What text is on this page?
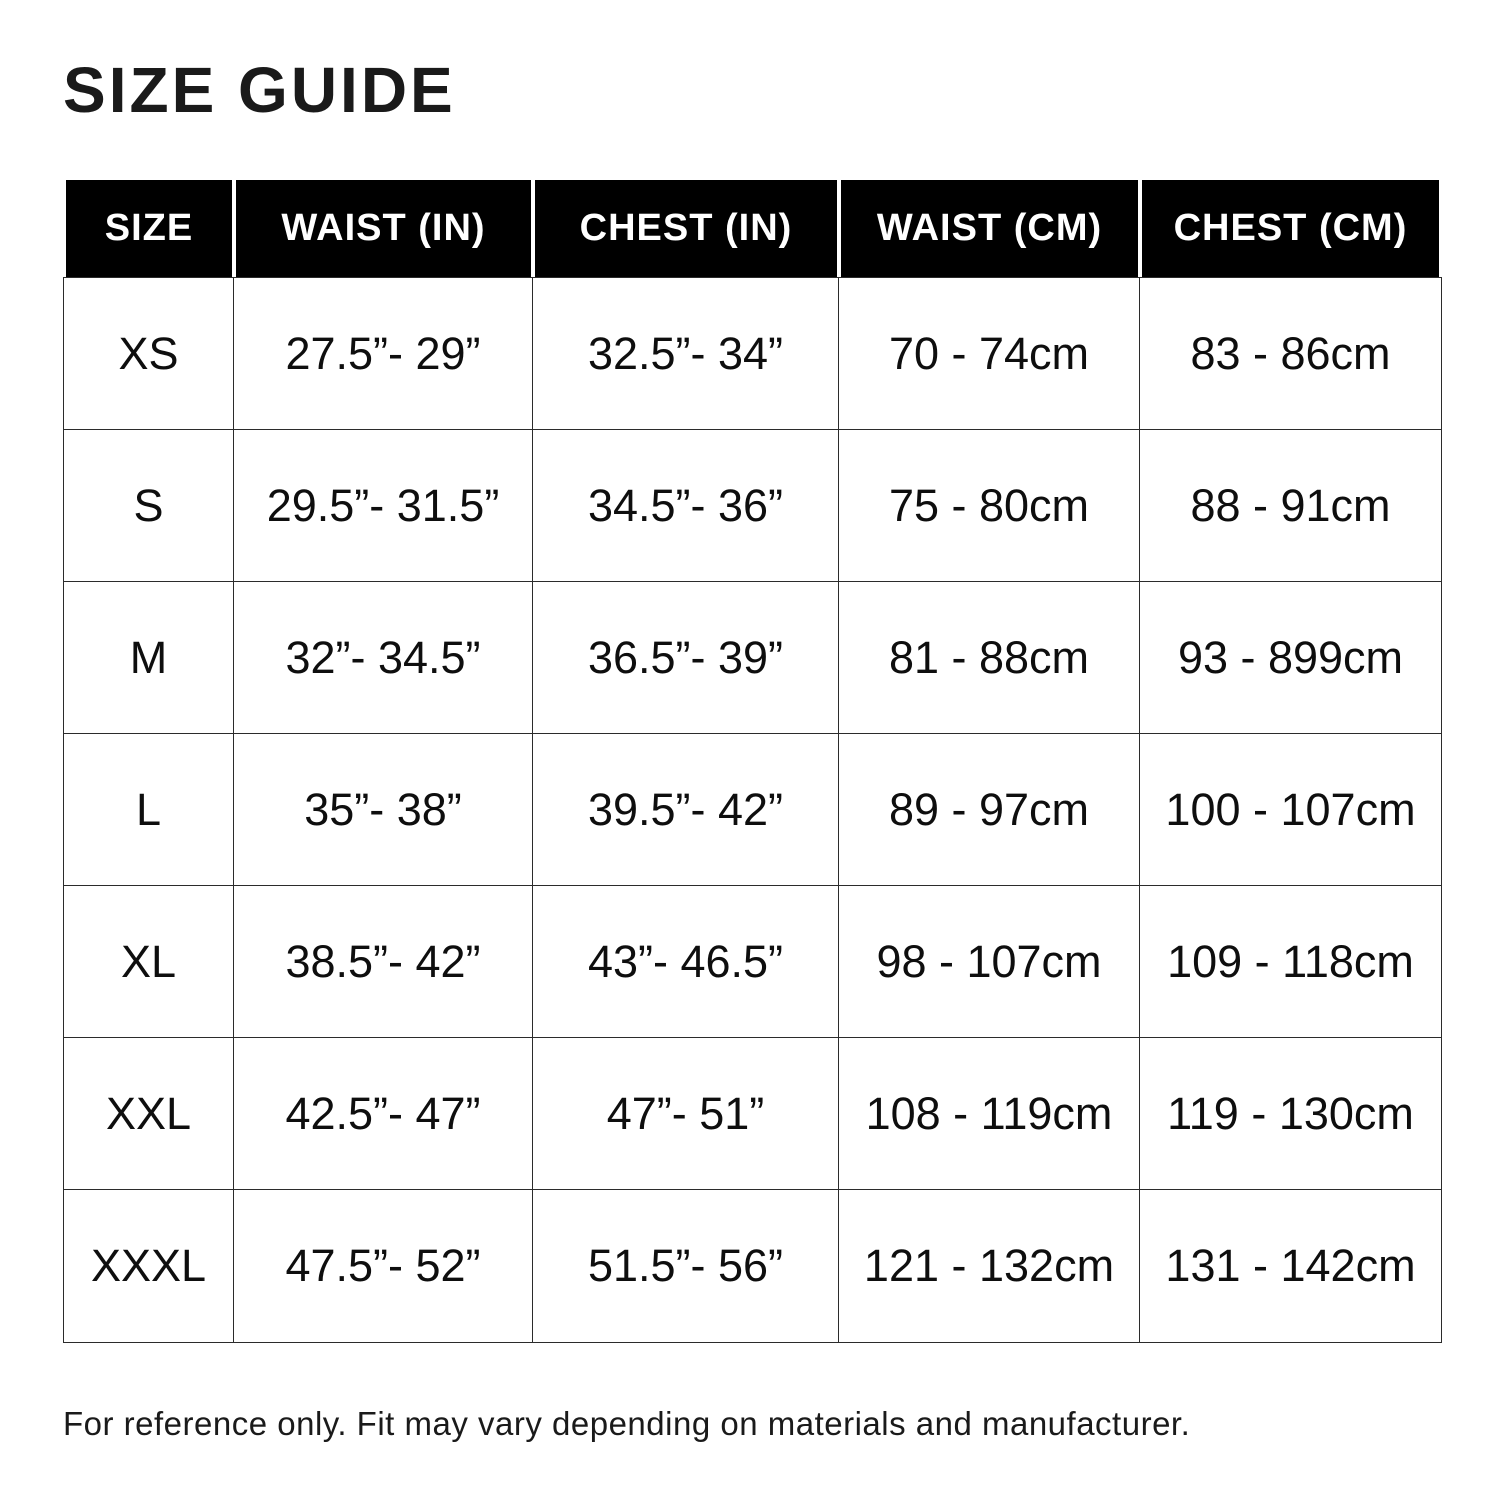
SIZE GUIDE
SIZE	WAIST (IN)	CHEST (IN)	WAIST (CM)	CHEST (CM)
XS	27.5”- 29”	32.5”- 34”	70 - 74cm	83 - 86cm
S	29.5”- 31.5”	34.5”- 36”	75 - 80cm	88 - 91cm
M	32”- 34.5”	36.5”- 39”	81 - 88cm	93 - 899cm
L	35”- 38”	39.5”- 42”	89 - 97cm	100 - 107cm
XL	38.5”- 42”	43”- 46.5”	98 - 107cm	109 - 118cm
XXL	42.5”- 47”	47”- 51”	108 - 119cm	119 - 130cm
XXXL	47.5”- 52”	51.5”- 56”	121 - 132cm	131 - 142cm

For reference only. Fit may vary depending on materials and manufacturer.
